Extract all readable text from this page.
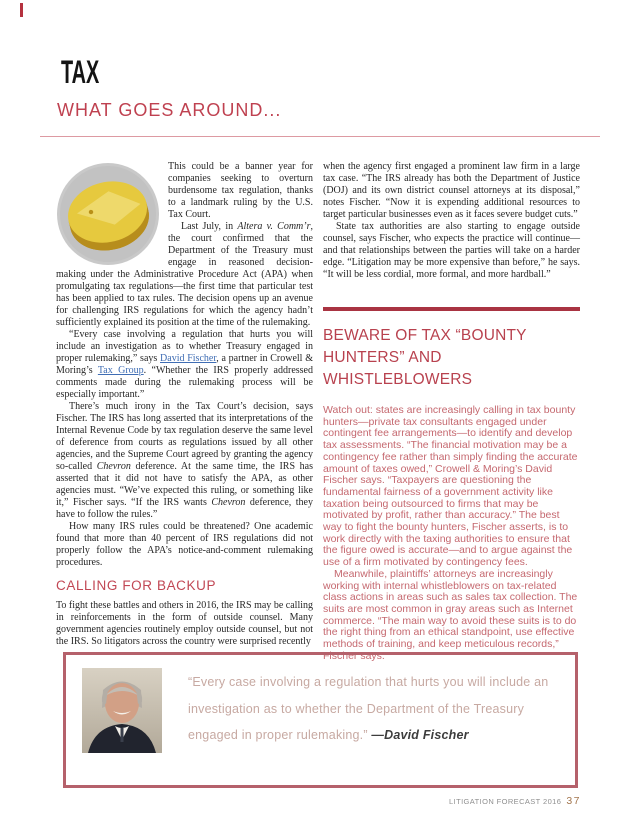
TAX
WHAT GOES AROUND...

This could be a banner year for companies seeking to overturn burdensome tax regulation, thanks to a landmark ruling by the U.S. Tax Court.

Last July, in Altera v. Comm’r, the court confirmed that the Department of the Treasury must engage in reasoned decision-making under the Administrative Procedure Act (APA) when promulgating tax regulations—the first time that particular test has been applied to tax rules. The decision opens up an avenue for challenging IRS regulations for which the agency hadn’t sufficiently explained its position at the time of the rulemaking.

“Every case involving a regulation that hurts you will include an investigation as to whether Treasury engaged in proper rulemaking,” says David Fischer, a partner in Crowell & Moring’s Tax Group. “Whether the IRS properly addressed comments made during the rulemaking process will be especially important.”

There’s much irony in the Tax Court’s decision, says Fischer. The IRS has long asserted that its interpretations of the Internal Revenue Code by tax regulation deserve the same level of deference from courts as regulations issued by all other agencies, and the Supreme Court agreed by granting the agency so-called Chevron deference. At the same time, the IRS has asserted that it did not have to satisfy the APA, as other agencies must. “We’ve expected this ruling, or something like it,” Fischer says. “If the IRS wants Chevron deference, they have to follow the rules.”

How many IRS rules could be threatened? One academic found that more than 40 percent of IRS regulations did not properly follow the APA’s notice-and-comment rulemaking procedures.

CALLING FOR BACKUP

To fight these battles and others in 2016, the IRS may be calling in reinforcements in the form of outside counsel. Many government agencies routinely employ outside counsel, but not the IRS. So litigators across the country were surprised recently

when the agency first engaged a prominent law firm in a large tax case. “The IRS already has both the Department of Justice (DOJ) and its own district counsel attorneys at its disposal,” notes Fischer. “Now it is expending additional resources to target particular businesses even as it faces severe budget cuts.”

State tax authorities are also starting to engage outside counsel, says Fischer, who expects the practice will continue—and that relationships between the parties will take on a harder edge. “Litigation may be more expensive than before,” he says. “It will be less cordial, more formal, and more hardball.”

BEWARE OF TAX “BOUNTY HUNTERS” AND WHISTLEBLOWERS

Watch out: states are increasingly calling in tax bounty hunters—private tax consultants engaged under contingent fee arrangements—to identify and develop tax assessments. “The financial motivation may be a contingency fee rather than simply finding the accurate amount of taxes owed,” Crowell & Moring’s David Fischer says. “Taxpayers are questioning the fundamental fairness of a government activity like taxation being outsourced to firms that may be motivated by profit, rather than accuracy.” The best way to fight the bounty hunters, Fischer asserts, is to work directly with the taxing authorities to ensure that the figure owed is accurate—and to argue against the use of a firm motivated by contingency fees.

Meanwhile, plaintiffs’ attorneys are increasingly working with internal whistleblowers on tax-related class actions in areas such as sales tax collection. The suits are most common in gray areas such as Internet commerce. “The main way to avoid these suits is to do the right thing from an ethical standpoint, use effective methods of training, and keep meticulous records,” Fischer says.

“Every case involving a regulation that hurts you will include an investigation as to whether the Department of the Treasury engaged in proper rulemaking.” —David Fischer
LITIGATION FORECAST 2016 37
